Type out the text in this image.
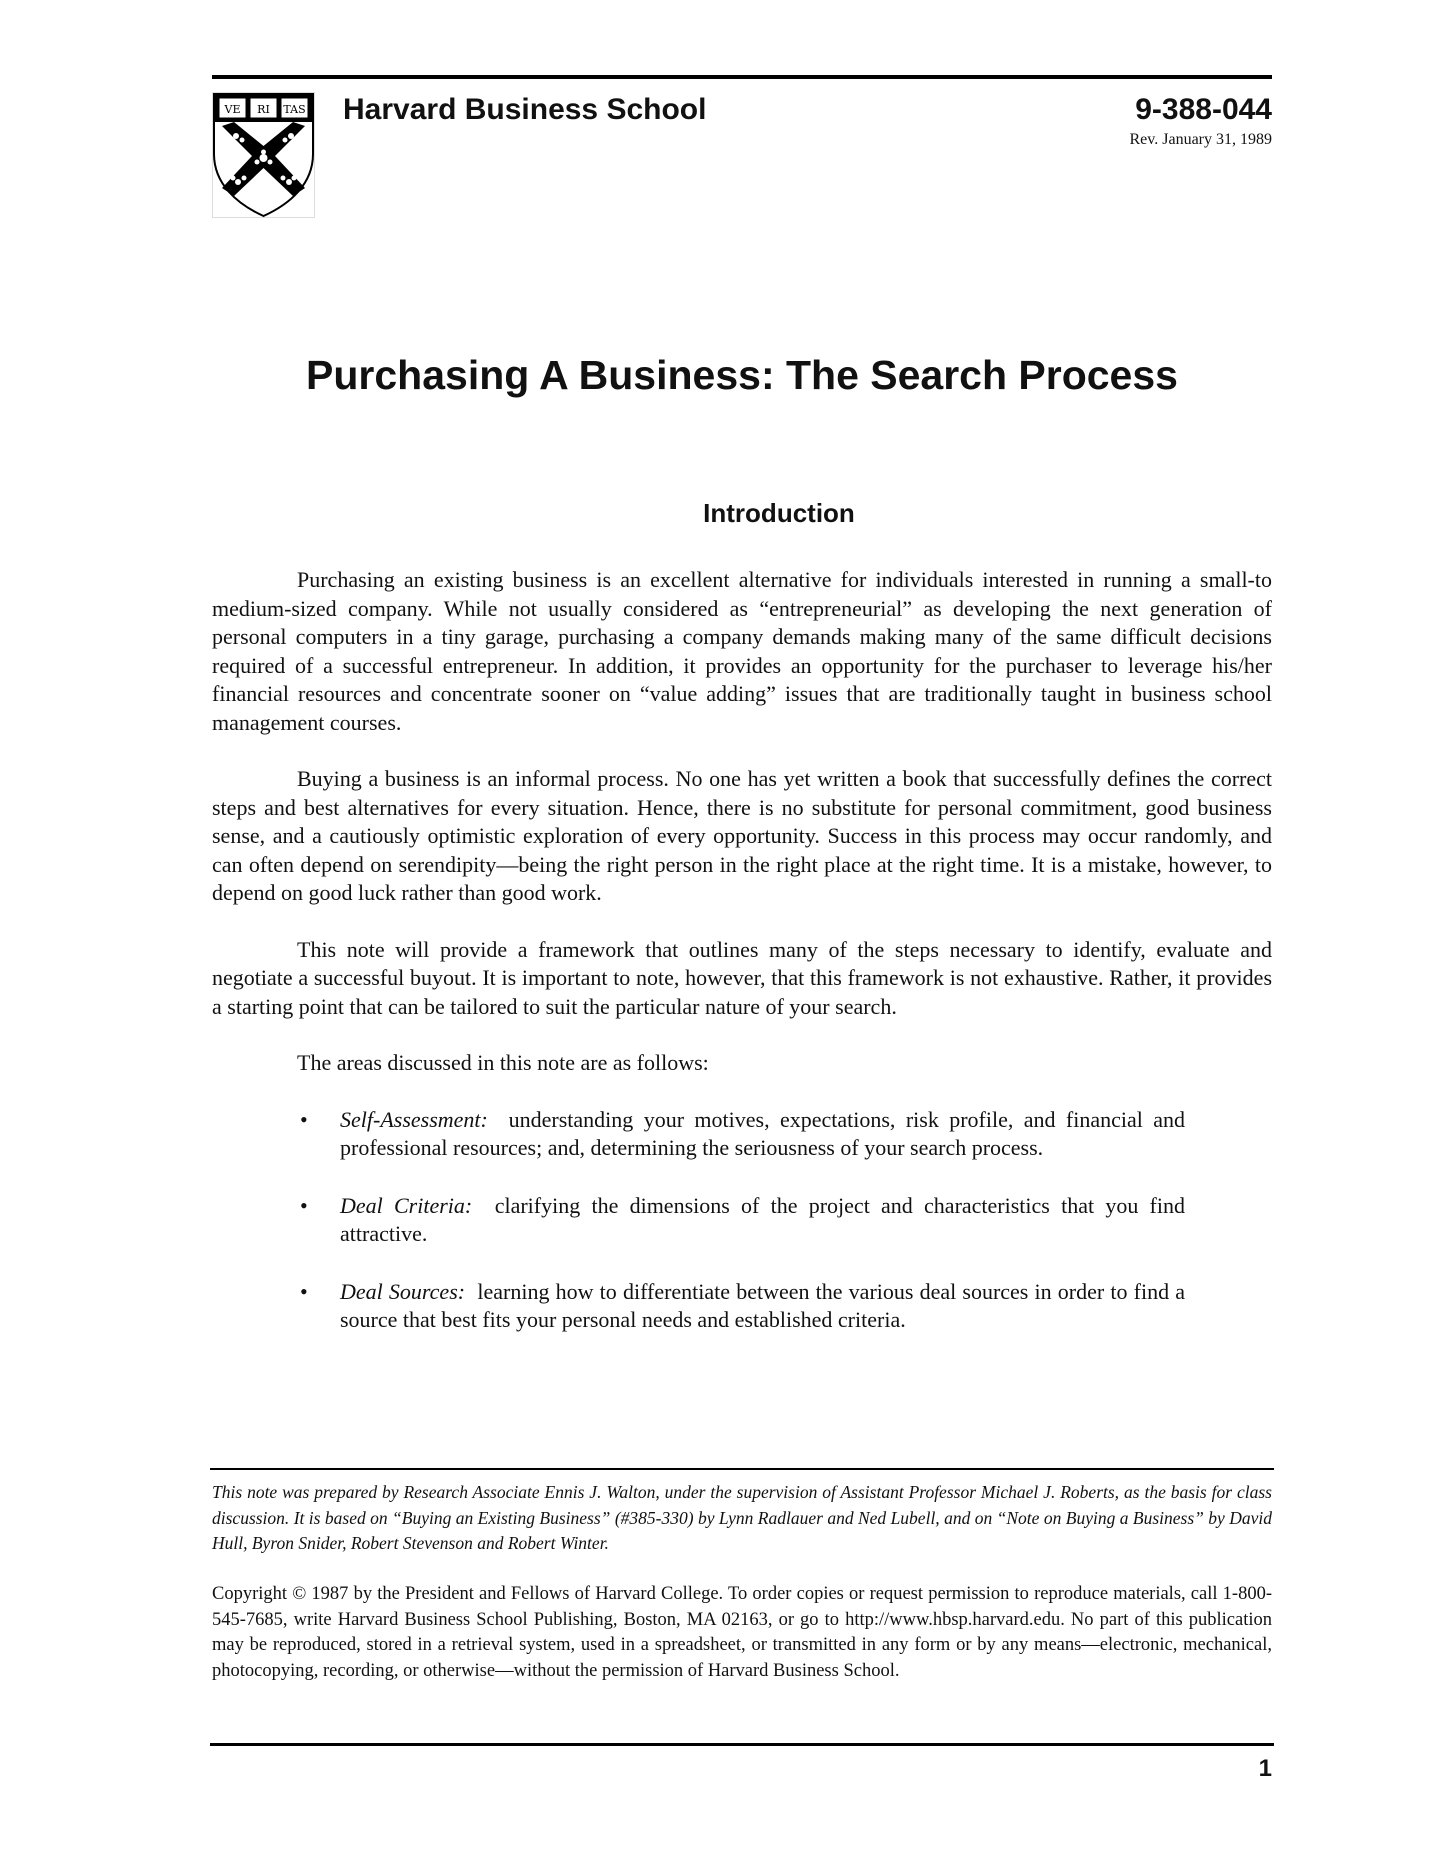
VE RI TAS Harvard Business School	9-388-044
Rev. January 31, 1989
Purchasing A Business: The Search Process
Introduction

Purchasing an existing business is an excellent alternative for individuals interested in running a small-to medium-sized company. While not usually considered as “entrepreneurial” as developing the next generation of personal computers in a tiny garage, purchasing a company demands making many of the same difficult decisions required of a successful entrepreneur. In addition, it provides an opportunity for the purchaser to leverage his/her financial resources and concentrate sooner on “value adding” issues that are traditionally taught in business school management courses.

Buying a business is an informal process. No one has yet written a book that successfully defines the correct steps and best alternatives for every situation. Hence, there is no substitute for personal commitment, good business sense, and a cautiously optimistic exploration of every opportunity. Success in this process may occur randomly, and can often depend on serendipity—being the right person in the right place at the right time. It is a mistake, however, to depend on good luck rather than good work.

This note will provide a framework that outlines many of the steps necessary to identify, evaluate and negotiate a successful buyout. It is important to note, however, that this framework is not exhaustive. Rather, it provides a starting point that can be tailored to suit the particular nature of your search.

The areas discussed in this note are as follows:

• Self-Assessment: understanding your motives, expectations, risk profile, and financial and professional resources; and, determining the seriousness of your search process.
• Deal Criteria: clarifying the dimensions of the project and characteristics that you find attractive.
• Deal Sources: learning how to differentiate between the various deal sources in order to find a source that best fits your personal needs and established criteria.

This note was prepared by Research Associate Ennis J. Walton, under the supervision of Assistant Professor Michael J. Roberts, as the basis for class discussion. It is based on “Buying an Existing Business” (#385-330) by Lynn Radlauer and Ned Lubell, and on “Note on Buying a Business” by David Hull, Byron Snider, Robert Stevenson and Robert Winter.

Copyright © 1987 by the President and Fellows of Harvard College. To order copies or request permission to reproduce materials, call 1-800-545-7685, write Harvard Business School Publishing, Boston, MA 02163, or go to http://www.hbsp.harvard.edu. No part of this publication may be reproduced, stored in a retrieval system, used in a spreadsheet, or transmitted in any form or by any means—electronic, mechanical, photocopying, recording, or otherwise—without the permission of Harvard Business School.

1
